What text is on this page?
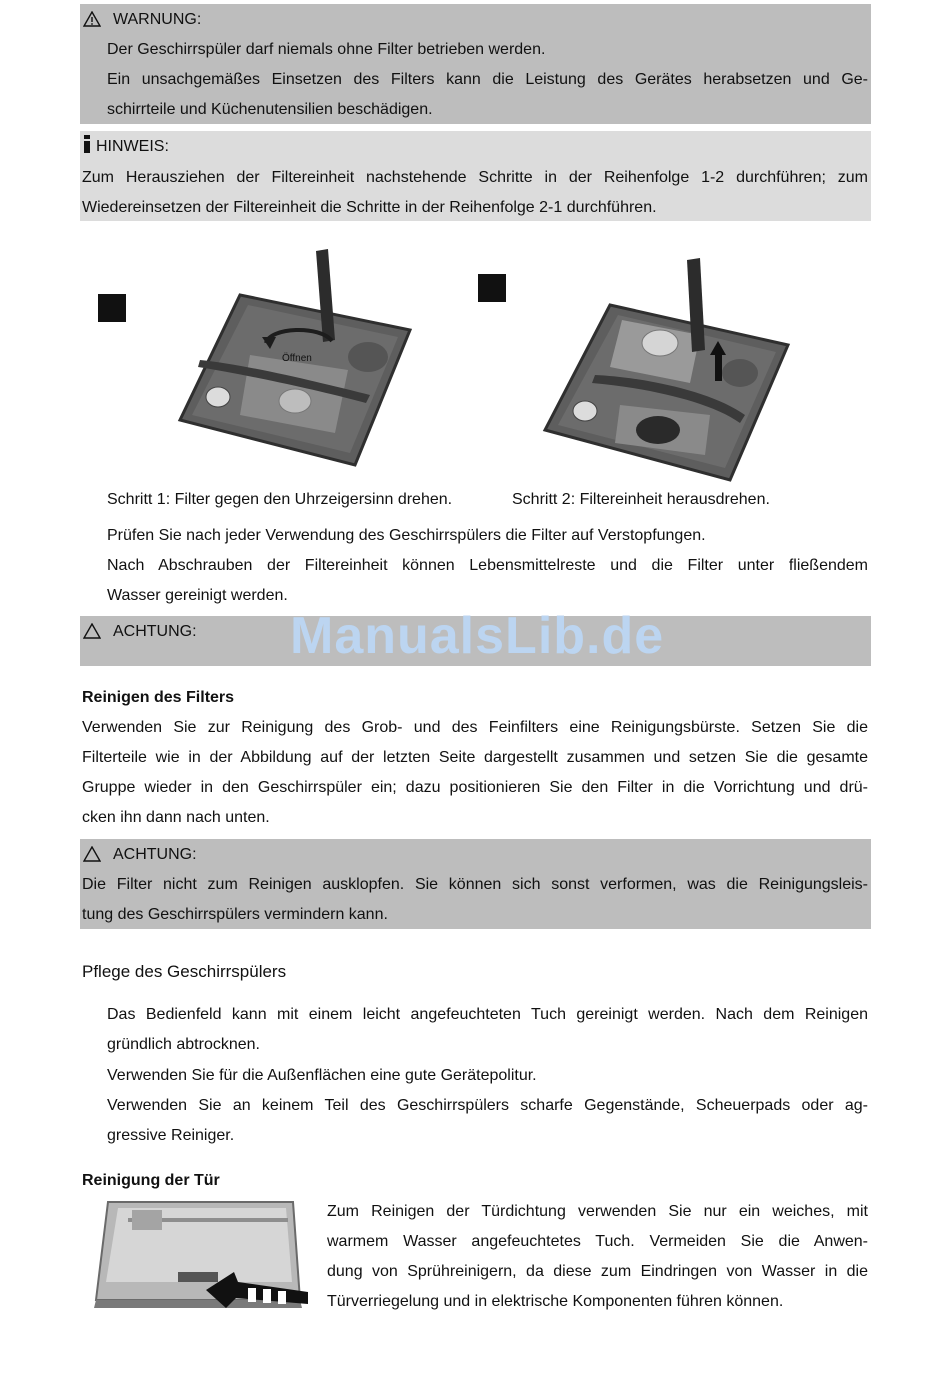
WARNUNG:
Der Geschirrspüler darf niemals ohne Filter betrieben werden.
Ein unsachgemäßes Einsetzen des Filters kann die Leistung des Gerätes herabsetzen und Ge-
schirrteile und Küchenutensilien beschädigen.
HINWEIS:
Zum Herausziehen der Filtereinheit nachstehende Schritte in der Reihenfolge 1-2 durchführen; zum
Wiedereinsetzen der Filtereinheit die Schritte in der Reihenfolge 2-1 durchführen.
Öffnen
Schritt 1: Filter gegen den Uhrzeigersinn drehen.	Schritt 2: Filtereinheit herausdrehen.
Prüfen Sie nach jeder Verwendung des Geschirrspülers die Filter auf Verstopfungen.
Nach Abschrauben der Filtereinheit können Lebensmittelreste und die Filter unter fließendem
Wasser gereinigt werden.
ACHTUNG: ManualsLib.de
Reinigen des Filters
Verwenden Sie zur Reinigung des Grob- und des Feinfilters eine Reinigungsbürste. Setzen Sie die
Filterteile wie in der Abbildung auf der letzten Seite dargestellt zusammen und setzen Sie die gesamte
Gruppe wieder in den Geschirrspüler ein; dazu positionieren Sie den Filter in die Vorrichtung und drü-
cken ihn dann nach unten.
ACHTUNG:
Die Filter nicht zum Reinigen ausklopfen. Sie können sich sonst verformen, was die Reinigungsleis-
tung des Geschirrspülers vermindern kann.
Pflege des Geschirrspülers
Das Bedienfeld kann mit einem leicht angefeuchteten Tuch gereinigt werden. Nach dem Reinigen
gründlich abtrocknen.
Verwenden Sie für die Außenflächen eine gute Gerätepolitur.
Verwenden Sie an keinem Teil des Geschirrspülers scharfe Gegenstände, Scheuerpads oder ag-
gressive Reiniger.
Reinigung der Tür
Zum Reinigen der Türdichtung verwenden Sie nur ein weiches, mit
warmem Wasser angefeuchtetes Tuch. Vermeiden Sie die Anwen-
dung von Sprühreinigern, da diese zum Eindringen von Wasser in die
Türverriegelung und in elektrische Komponenten führen können.
